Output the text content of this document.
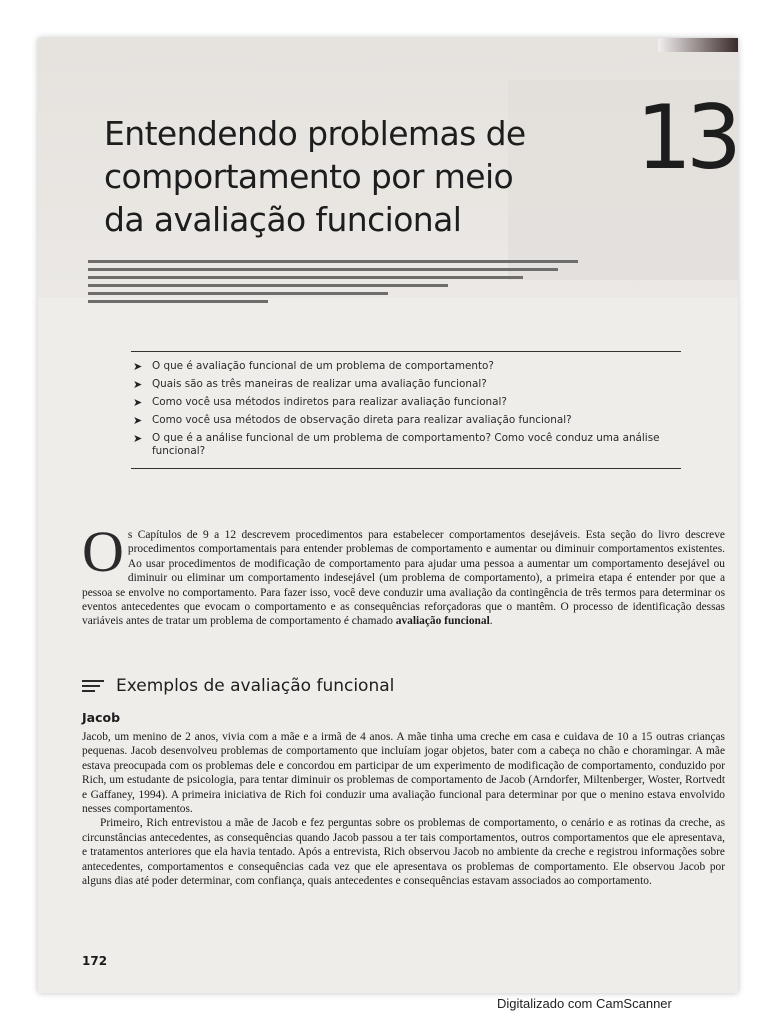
Entendendo problemas de
comportamento por meio
da avaliação funcional
13
➤ O que é avaliação funcional de um problema de comportamento?
➤ Quais são as três maneiras de realizar uma avaliação funcional?
➤ Como você usa métodos indiretos para realizar avaliação funcional?
➤ Como você usa métodos de observação direta para realizar avaliação funcional?
➤ O que é a análise funcional de um problema de comportamento? Como você conduz uma análise funcional?

Os Capítulos de 9 a 12 descrevem procedimentos para estabelecer comportamentos desejáveis. Esta seção do livro descreve procedimentos comportamentais para entender problemas de comportamento e aumentar ou diminuir comportamentos existentes. Ao usar procedimentos de modificação de comportamento para ajudar uma pessoa a aumentar um comportamento desejável ou diminuir ou eliminar um comportamento indesejável (um problema de comportamento), a primeira etapa é entender por que a pessoa se envolve no comportamento. Para fazer isso, você deve conduzir uma avaliação da contingência de três termos para determinar os eventos antecedentes que evocam o comportamento e as consequências reforçadoras que o mantêm. O processo de identificação dessas variáveis antes de tratar um problema de comportamento é chamado avaliação funcional.

Exemplos de avaliação funcional
Jacob

Jacob, um menino de 2 anos, vivia com a mãe e a irmã de 4 anos. A mãe tinha uma creche em casa e cuidava de 10 a 15 outras crianças pequenas. Jacob desenvolveu problemas de comportamento que incluíam jogar objetos, bater com a cabeça no chão e choramingar. A mãe estava preocupada com os problemas dele e concordou em participar de um experimento de modificação de comportamento, conduzido por Rich, um estudante de psicologia, para tentar diminuir os problemas de comportamento de Jacob (Arndorfer, Miltenberger, Woster, Rortvedt e Gaffaney, 1994). A primeira iniciativa de Rich foi conduzir uma avaliação funcional para determinar por que o menino estava envolvido nesses comportamentos.

Primeiro, Rich entrevistou a mãe de Jacob e fez perguntas sobre os problemas de comportamento, o cenário e as rotinas da creche, as circunstâncias antecedentes, as consequências quando Jacob passou a ter tais comportamentos, outros comportamentos que ele apresentava, e tratamentos anteriores que ela havia tentado. Após a entrevista, Rich observou Jacob no ambiente da creche e registrou informações sobre antecedentes, comportamentos e consequências cada vez que ele apresentava os problemas de comportamento. Ele observou Jacob por alguns dias até poder determinar, com confiança, quais antecedentes e consequências estavam associados ao comportamento.

172
Digitalizado com CamScanner
